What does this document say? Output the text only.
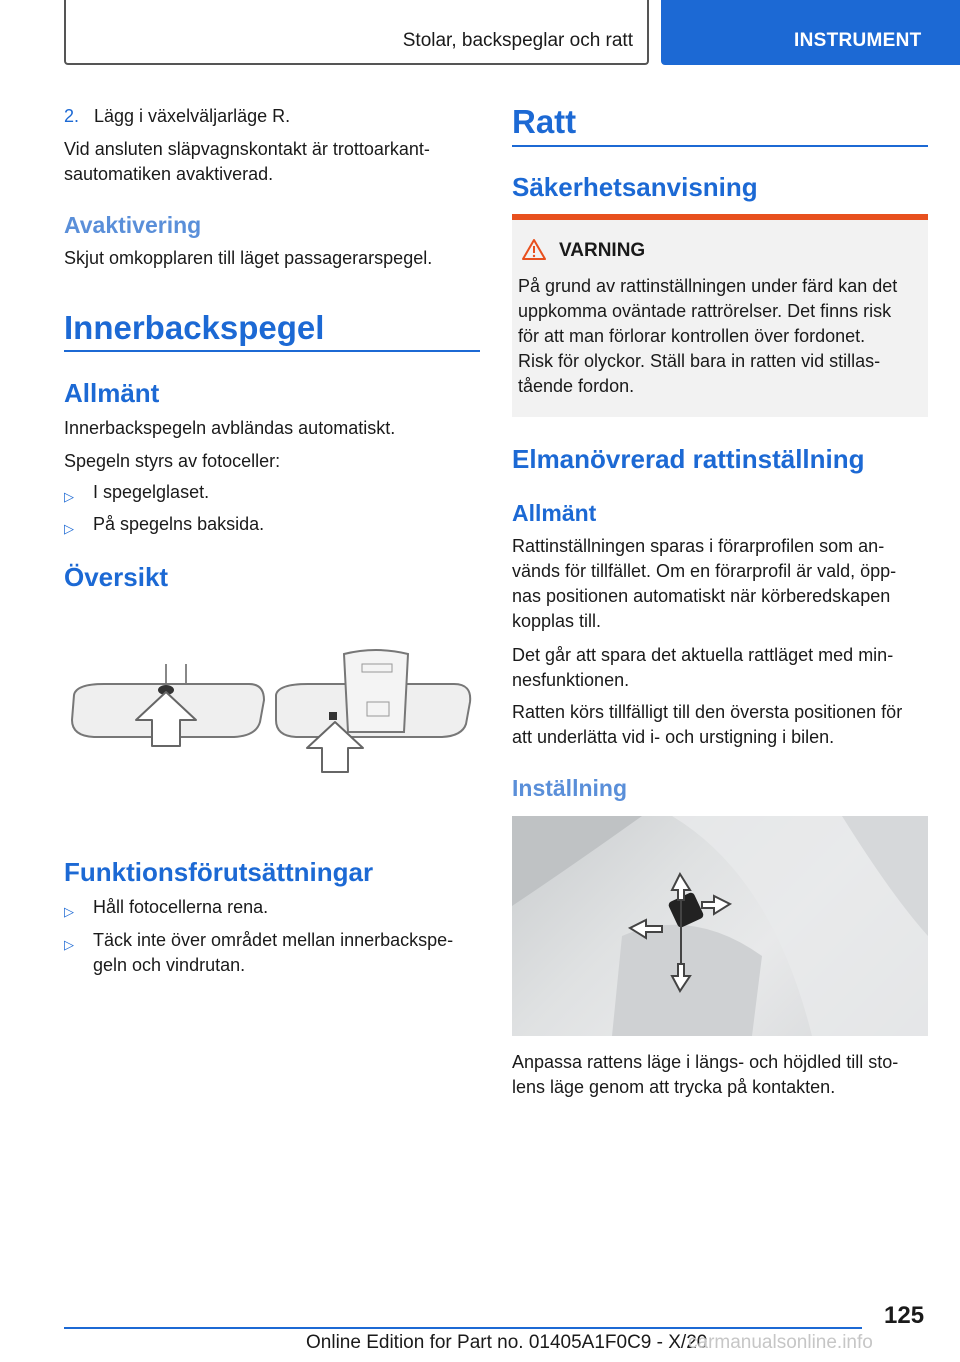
Stolar, backspeglar och ratt	INSTRUMENT
2. Lägg i växelväljarläge R.
Vid ansluten släpvagnskontakt är trottoarkant-
sautomatiken avaktiverad.
Avaktivering
Skjut omkopplaren till läget passagerarspegel.
Innerbackspegel
Allmänt
Innerbackspegeln avbländas automatiskt.
Spegeln styrs av fotoceller:
▷ I spegelglaset.
▷ På spegelns baksida.
Översikt
Funktionsförutsättningar
▷ Håll fotocellerna rena.
▷ Täck inte över området mellan innerbackspe-
geln och vindrutan.
Ratt
Säkerhetsanvisning
VARNING
På grund av rattinställningen under färd kan det
uppkomma oväntade rattrörelser. Det finns risk
för att man förlorar kontrollen över fordonet.
Risk för olyckor. Ställ bara in ratten vid stillas-
tående fordon.
Elmanövrerad rattinställning
Allmänt
Rattinställningen sparas i förarprofilen som an-
vänds för tillfället. Om en förarprofil är vald, öpp-
nas positionen automatiskt när körberedskapen
kopplas till.
Det går att spara det aktuella rattläget med min-
nesfunktionen.
Ratten körs tillfälligt till den översta positionen för
att underlätta vid i- och urstigning i bilen.
Inställning
Anpassa rattens läge i längs- och höjdled till sto-
lens läge genom att trycka på kontakten.
125
Online Edition for Part no. 01405A1F0C9 - X/20
carmanualsonline.info
